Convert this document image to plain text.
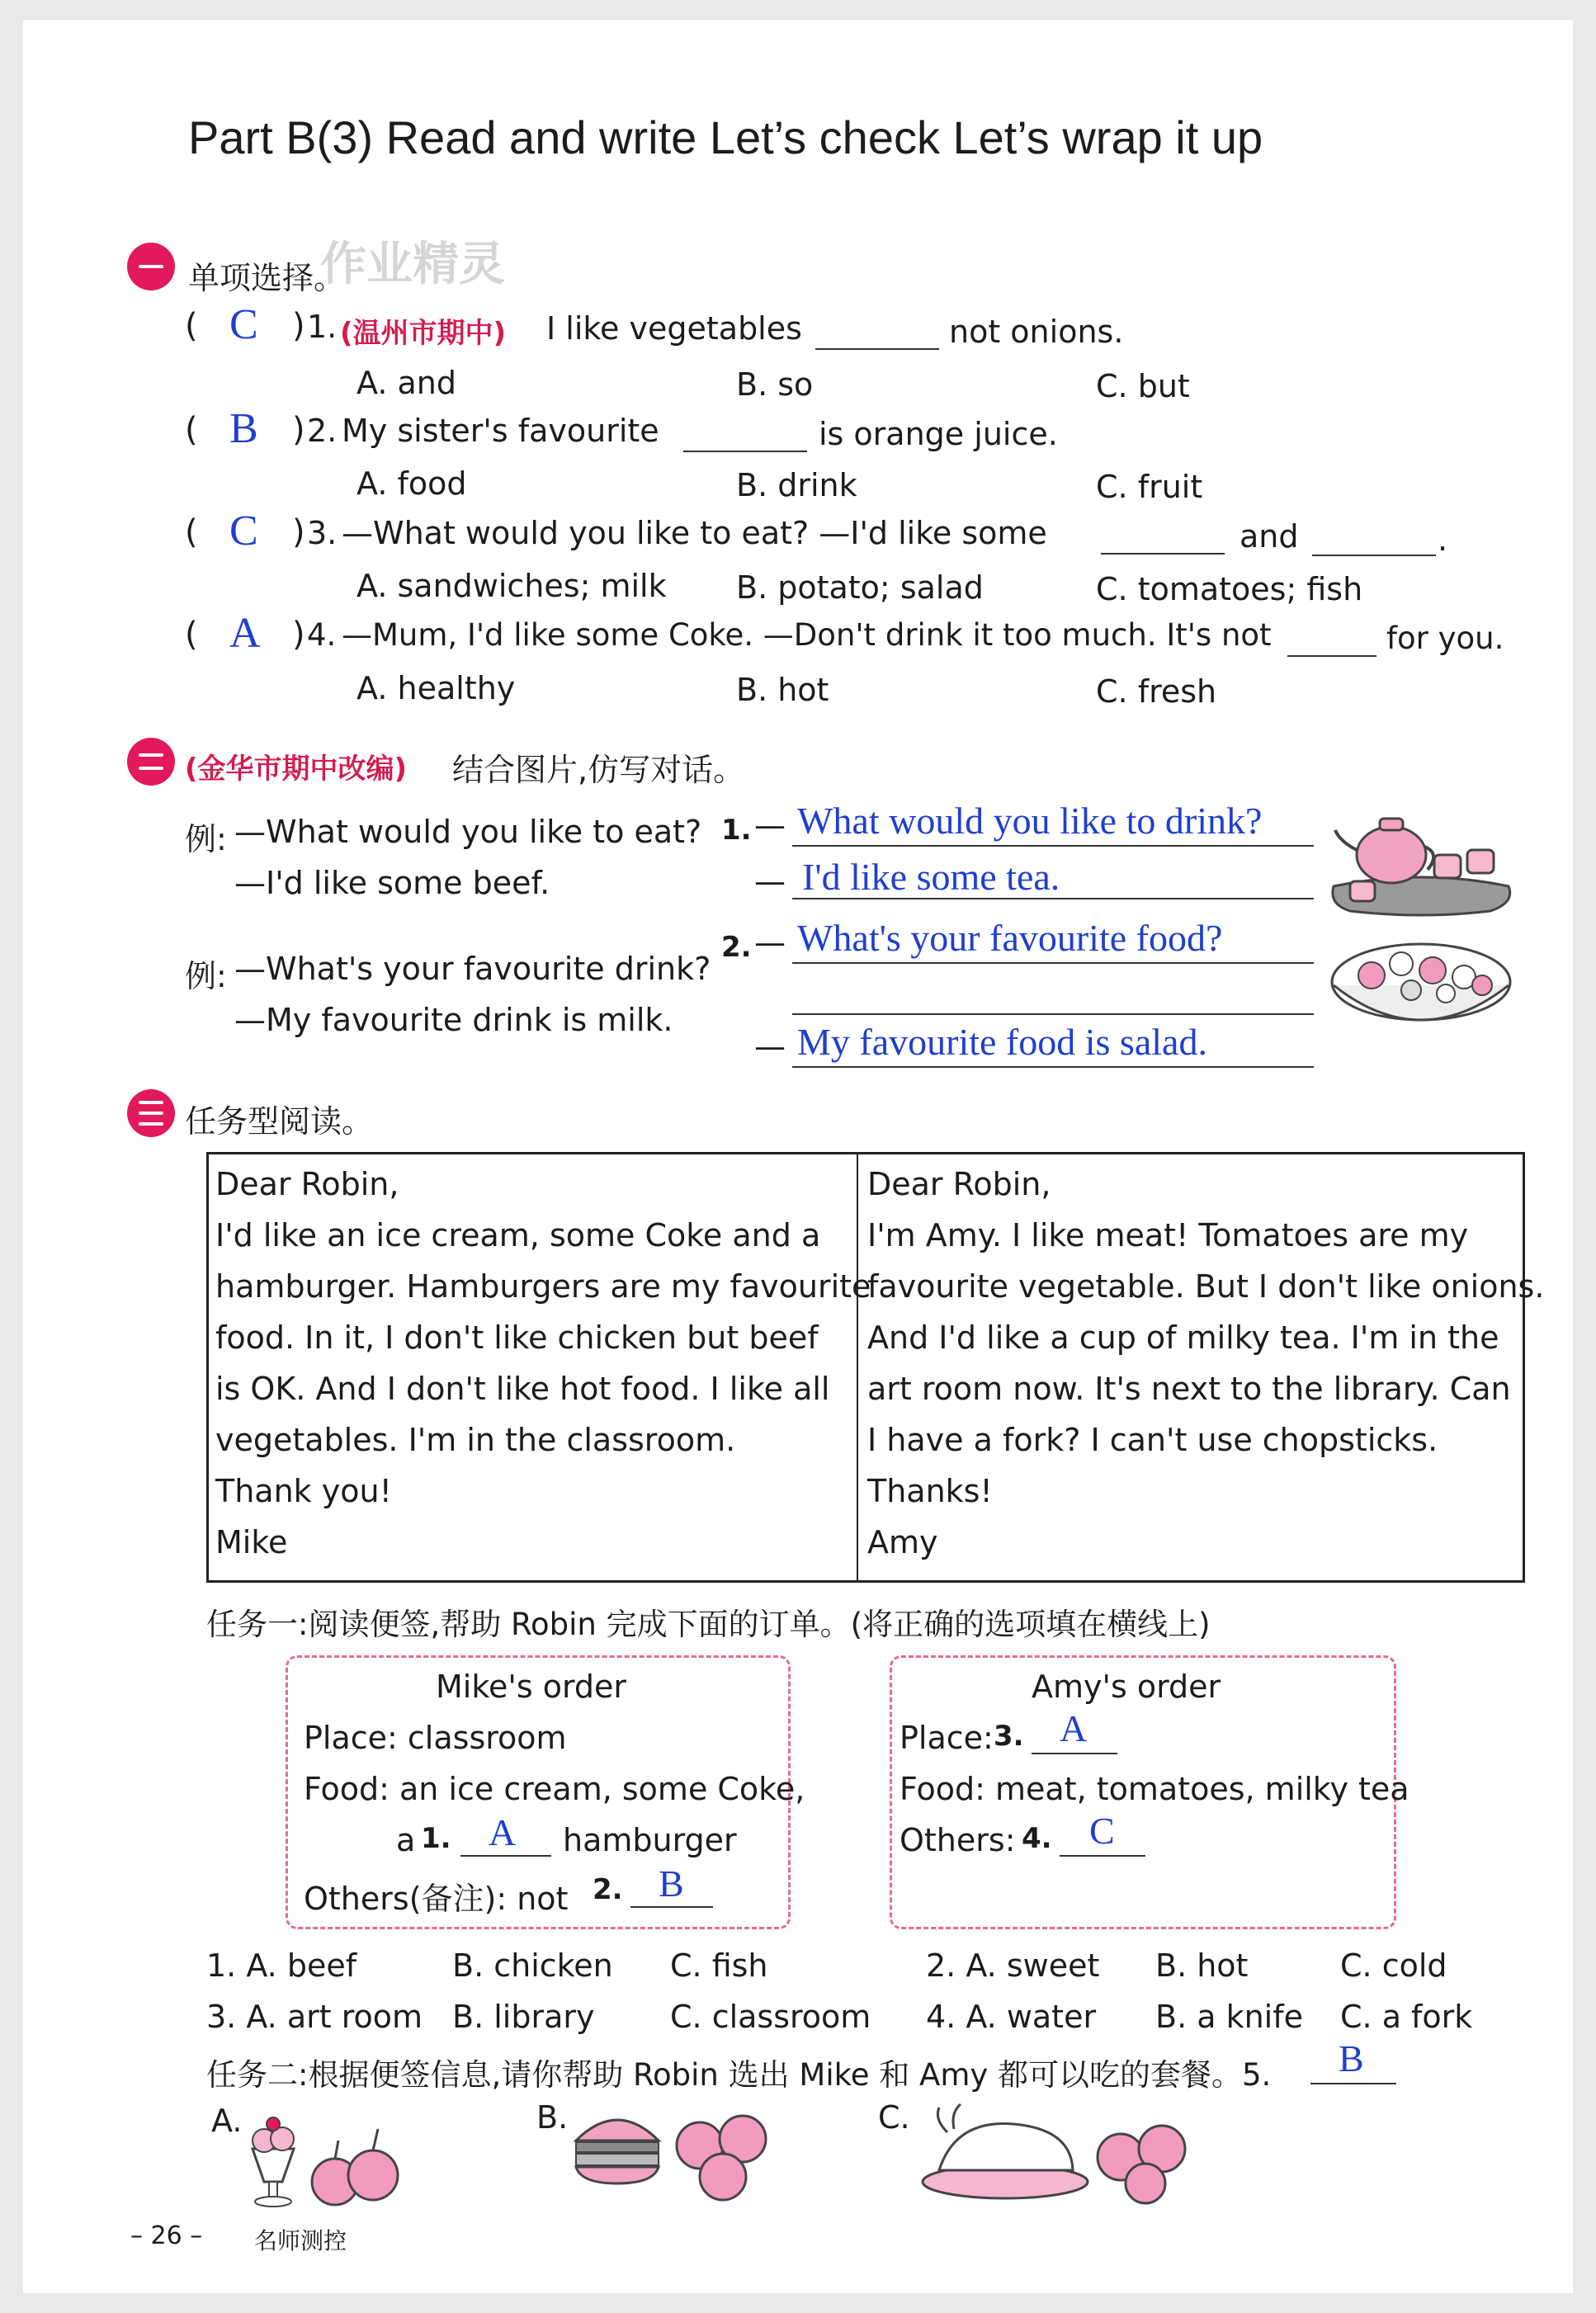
Part B(3) Read and write Let’s check Let’s wrap it up
单项选择。
作业精灵
( C ) 1. (温州市期中) I like vegetables	not onions.
A. and	B. so	C. but
( B ) 2. My sister's favourite	is orange juice.
A. food	B. drink	C. fruit
( C ) 3. —What would you like to eat? —I'd like some	and	.
A. sandwiches; milk B. potato; salad	C. tomatoes; fish
( A ) 4. —Mum, I'd like some Coke. —Don't drink it too much. It's not	for you.
A. healthy	B. hot	C. fresh
(金华市期中改编) 结合图片,仿写对话。
例: —What would you like to eat?
—I'd like some beef.
例: —What's your favourite drink?
—My favourite drink is milk.
1. — What would you like to drink?
— I'd like some tea.
2. — What's your favourite food?
— My favourite food is salad.
任务型阅读。
Dear Robin,
I'd like an ice cream, some Coke and a
hamburger. Hamburgers are my favourite
food. In it, I don't like chicken but beef
is OK. And I don't like hot food. I like all
vegetables. I'm in the classroom.
Thank you!
Mike
Dear Robin,
I'm Amy. I like meat! Tomatoes are my
favourite vegetable. But I don't like onions.
And I'd like a cup of milky tea. I'm in the
art room now. It's next to the library. Can
I have a fork? I can't use chopsticks.
Thanks!
Amy
任务一:阅读便签,帮助 Robin 完成下面的订单。(将正确的选项填在横线上)
Mike's order
Place: classroom
Food: an ice cream, some Coke,
a 1. A hamburger
Others(备注): not 2. B
Amy's order
Place: 3. A
Food: meat, tomatoes, milky tea
Others: 4. C
1. A. beef	B. chicken C. fish	2. A. sweet B. hot	C. cold
3. A. art room B. library C. classroom 4. A. water B. a knife C. a fork
任务二:根据便签信息,请你帮助 Robin 选出 Mike 和 Amy 都可以吃的套餐。5. B
A.	B.	C.
– 26 – 名师测控
